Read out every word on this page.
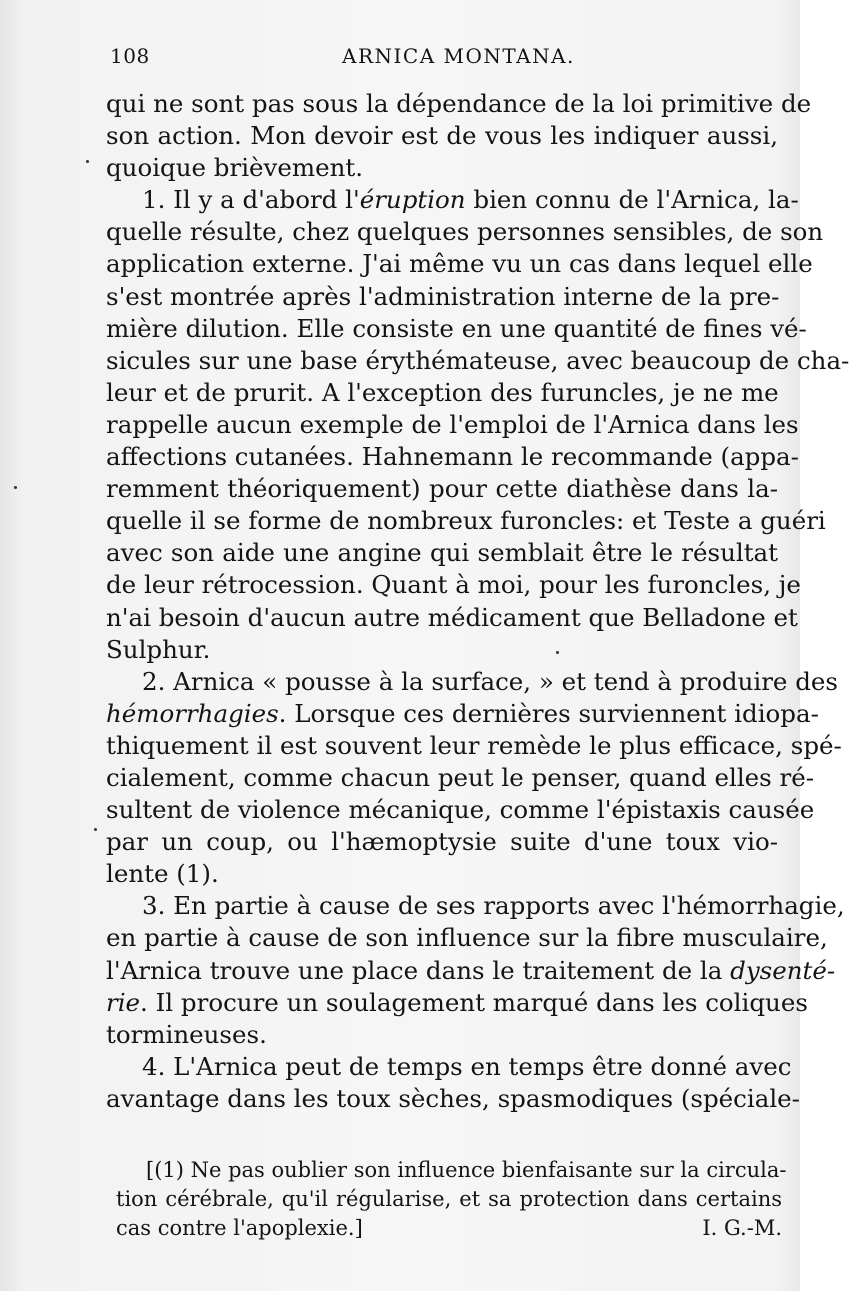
108	ARNICA MONTANA.
qui ne sont pas sous la dépendance de la loi primitive de
son action. Mon devoir est de vous les indiquer aussi,
quoique brièvement.
1. Il y a d'abord l'éruption bien connu de l'Arnica, la-
quelle résulte, chez quelques personnes sensibles, de son
application externe. J'ai même vu un cas dans lequel elle
s'est montrée après l'administration interne de la pre-
mière dilution. Elle consiste en une quantité de fines vé-
sicules sur une base érythémateuse, avec beaucoup de cha-
leur et de prurit. A l'exception des furuncles, je ne me
rappelle aucun exemple de l'emploi de l'Arnica dans les
affections cutanées. Hahnemann le recommande (appa-
remment théoriquement) pour cette diathèse dans la-
quelle il se forme de nombreux furoncles: et Teste a guéri
avec son aide une angine qui semblait être le résultat
de leur rétrocession. Quant à moi, pour les furoncles, je
n'ai besoin d'aucun autre médicament que Belladone et
Sulphur.
2. Arnica « pousse à la surface, » et tend à produire des
hémorrhagies. Lorsque ces dernières surviennent idiopa-
thiquement il est souvent leur remède le plus efficace, spé-
cialement, comme chacun peut le penser, quand elles ré-
sultent de violence mécanique, comme l'épistaxis causée
par un coup, ou l'hæmoptysie suite d'une toux vio-
lente (1).
3. En partie à cause de ses rapports avec l'hémorrhagie,
en partie à cause de son influence sur la fibre musculaire,
l'Arnica trouve une place dans le traitement de la dysenté-
rie. Il procure un soulagement marqué dans les coliques
tormineuses.
4. L'Arnica peut de temps en temps être donné avec
avantage dans les toux sèches, spasmodiques (spéciale-
[(1) Ne pas oublier son influence bienfaisante sur la circula-
tion cérébrale, qu'il régularise, et sa protection dans certains
cas contre l'apoplexie.]	I. G.-M.
